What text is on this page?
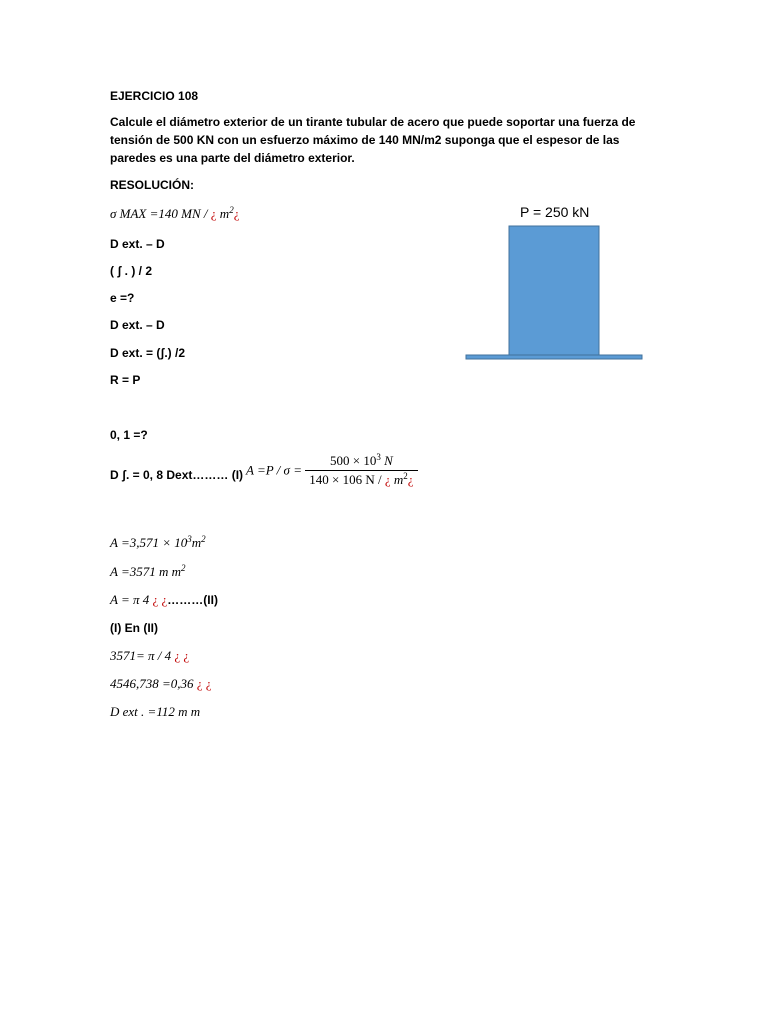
EJERCICIO 108
Calcule el diámetro exterior de un tirante tubular de acero que puede soportar una fuerza de tensión de 500 KN con un esfuerzo máximo de 140 MN/m2 suponga que el espesor de las paredes es una parte del diámetro exterior.
RESOLUCIÓN:
σ MAX =140 MN / ¿ $m^2¿$
D ext. – D
( ʃ . ) / 2
e =?
D ext. – D
D ext. = (ʃ.) /2
R = P
0, 1 =?
D ʃ. = 0, 8 Dext……… (I) $A =P / \sigma = \frac{500 \times 10^3 N}{140 \times 106 N / ¿ m^2¿}$
$A =3,571 \times 10^3m^2$
A =3571 m $m^2$
A = π 4 ¿ ¿………(II)
(I) En (II)
3571= π / 4 ¿ ¿
4546,738 =0,36 ¿ ¿
D ext . =112 m m
P = 250 kN
